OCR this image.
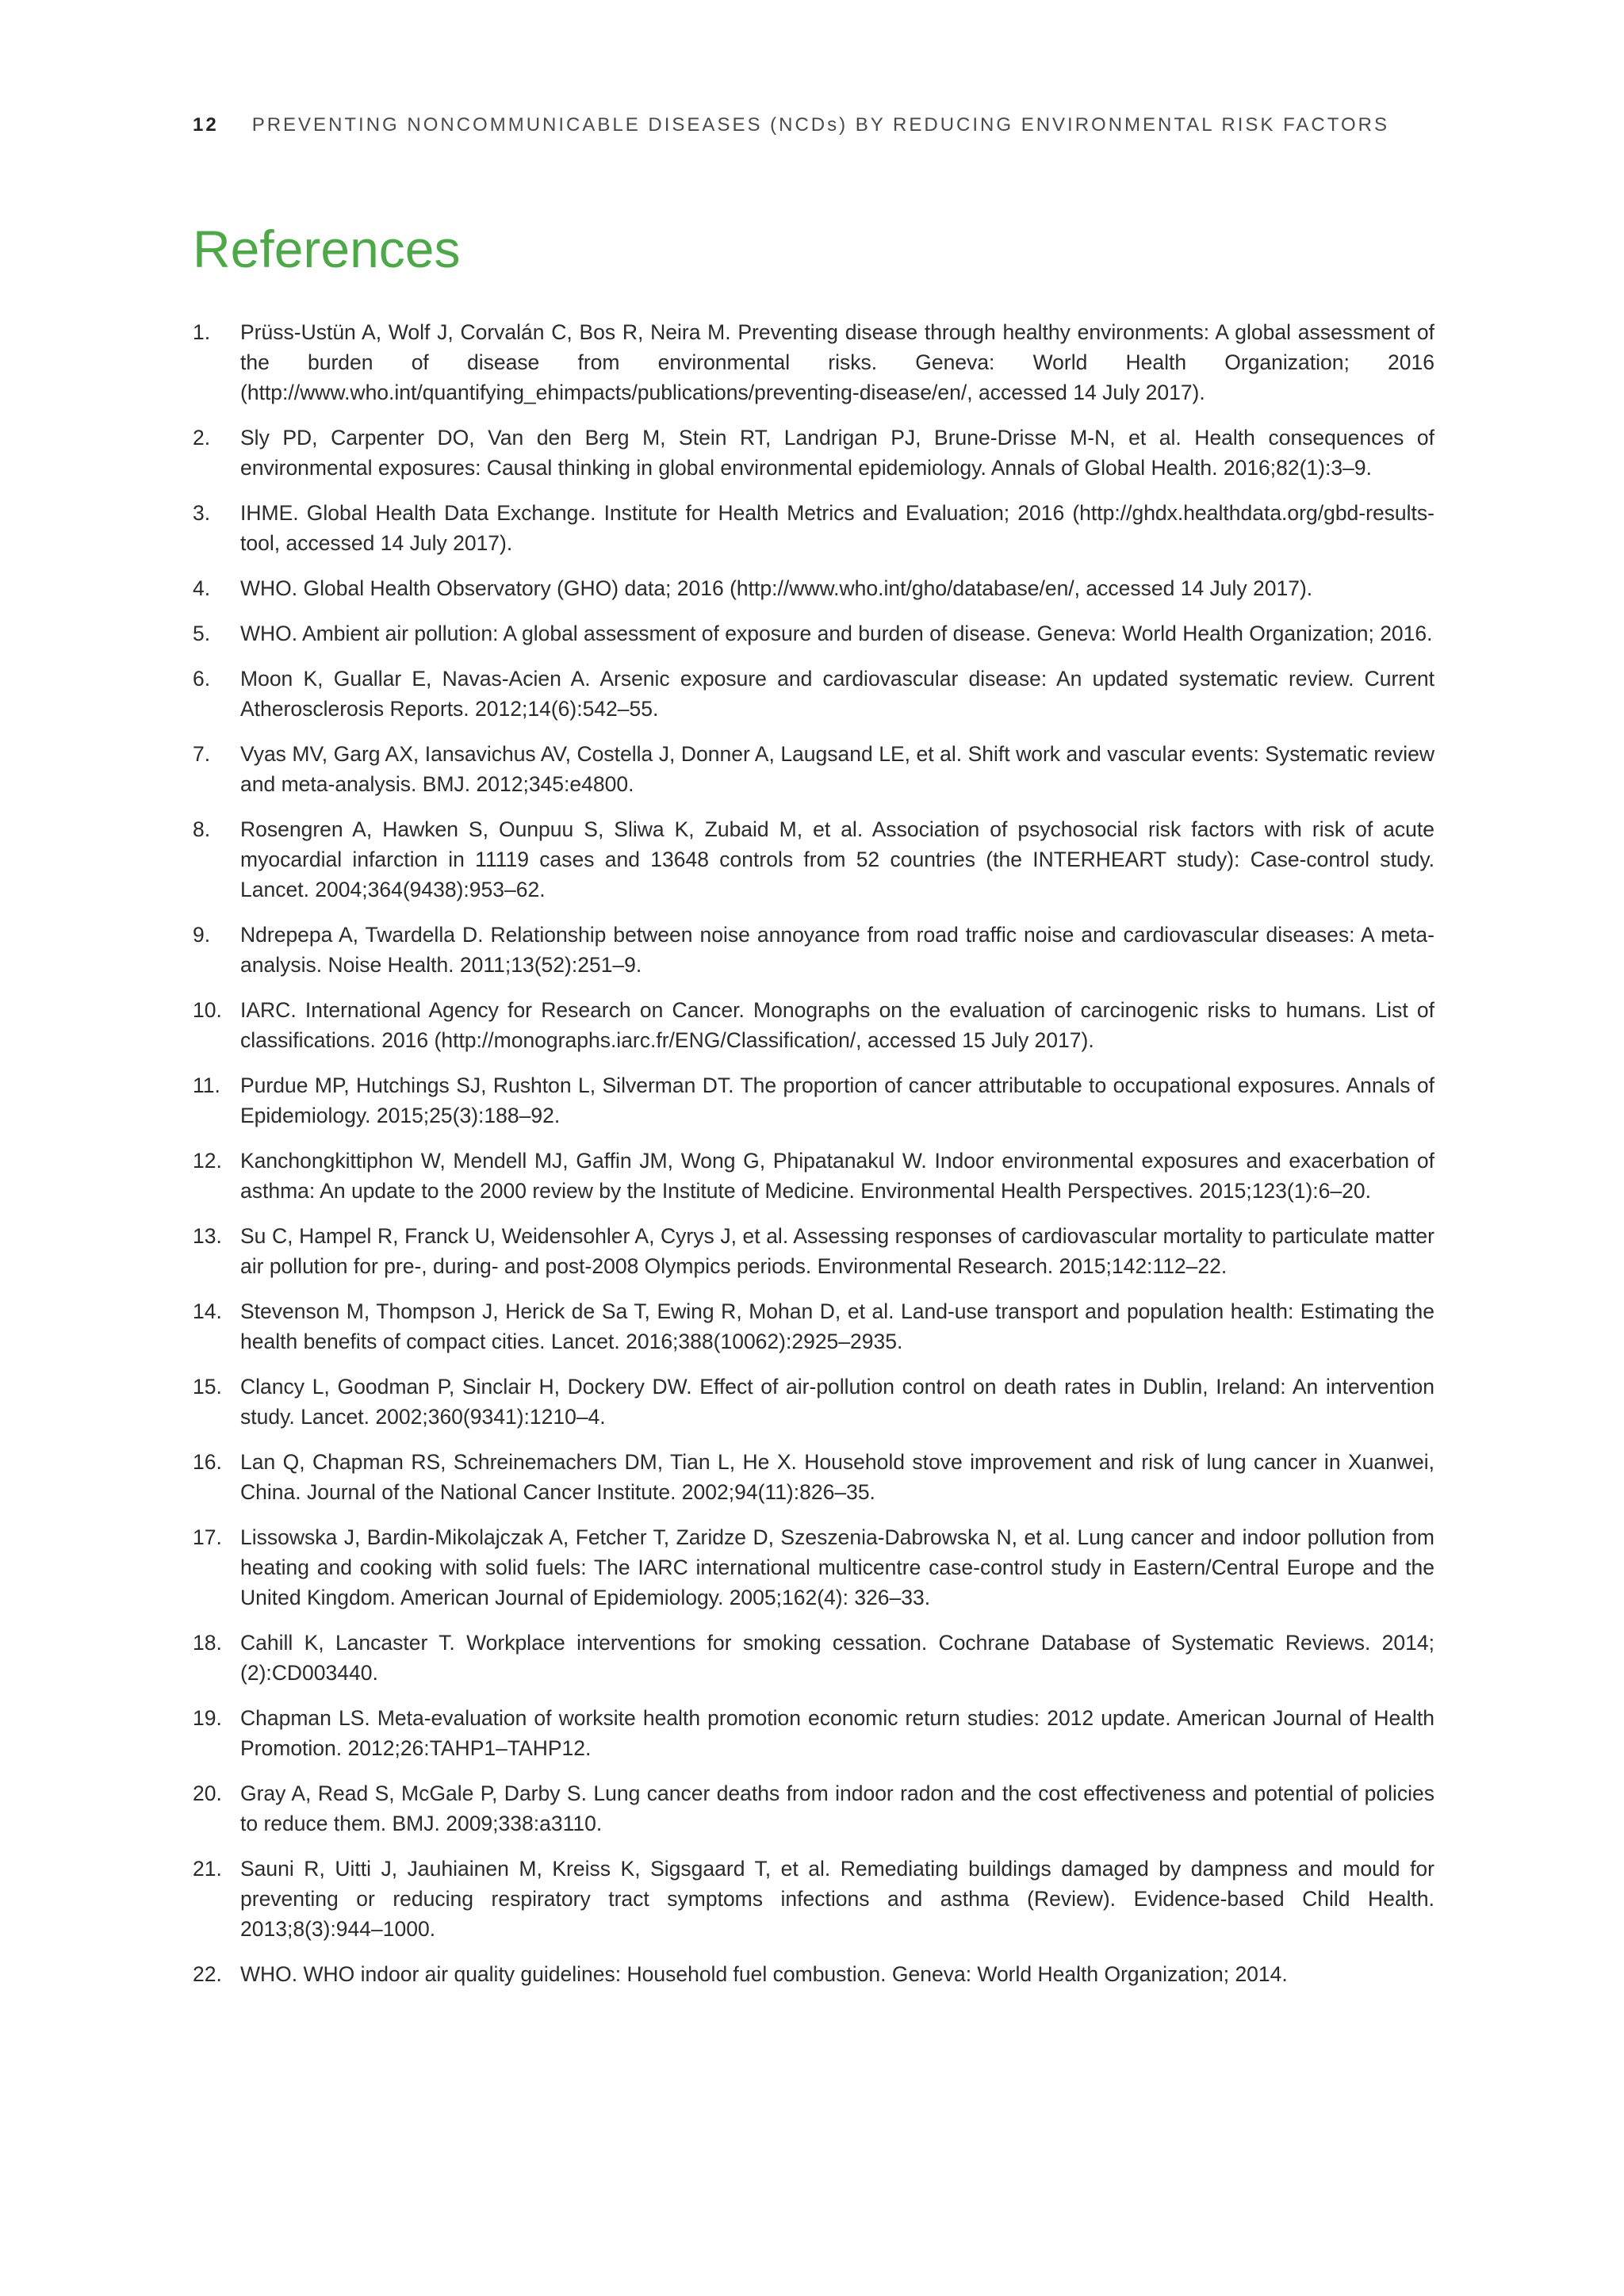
12 PREVENTING NONCOMMUNICABLE DISEASES (NCDs) BY REDUCING ENVIRONMENTAL RISK FACTORS
References
1.	Prüss-Ustün A, Wolf J, Corvalán C, Bos R, Neira M. Preventing disease through healthy environments: A global assessment of the burden of disease from environmental risks. Geneva: World Health Organization; 2016 (http://www.who.int/quantifying_ehimpacts/publications/preventing-disease/en/, accessed 14 July 2017).
2.	Sly PD, Carpenter DO, Van den Berg M, Stein RT, Landrigan PJ, Brune-Drisse M-N, et al. Health consequences of environmental exposures: Causal thinking in global environmental epidemiology. Annals of Global Health. 2016;82(1):3–9.
3.	IHME. Global Health Data Exchange. Institute for Health Metrics and Evaluation; 2016 (http://ghdx.healthdata.org/gbd-results-tool, accessed 14 July 2017).
4.	WHO. Global Health Observatory (GHO) data; 2016 (http://www.who.int/gho/database/en/, accessed 14 July 2017).
5.	WHO. Ambient air pollution: A global assessment of exposure and burden of disease. Geneva: World Health Organization; 2016.
6.	Moon K, Guallar E, Navas-Acien A. Arsenic exposure and cardiovascular disease: An updated systematic review. Current Atherosclerosis Reports. 2012;14(6):542–55.
7.	Vyas MV, Garg AX, Iansavichus AV, Costella J, Donner A, Laugsand LE, et al. Shift work and vascular events: Systematic review and meta-analysis. BMJ. 2012;345:e4800.
8.	Rosengren A, Hawken S, Ounpuu S, Sliwa K, Zubaid M, et al. Association of psychosocial risk factors with risk of acute myocardial infarction in 11119 cases and 13648 controls from 52 countries (the INTERHEART study): Case-control study. Lancet. 2004;364(9438):953–62.
9.	Ndrepepa A, Twardella D. Relationship between noise annoyance from road traffic noise and cardiovascular diseases: A meta-analysis. Noise Health. 2011;13(52):251–9.
10. IARC. International Agency for Research on Cancer. Monographs on the evaluation of carcinogenic risks to humans. List of classifications. 2016 (http://monographs.iarc.fr/ENG/Classification/, accessed 15 July 2017).
11. Purdue MP, Hutchings SJ, Rushton L, Silverman DT. The proportion of cancer attributable to occupational exposures. Annals of Epidemiology. 2015;25(3):188–92.
12. Kanchongkittiphon W, Mendell MJ, Gaffin JM, Wong G, Phipatanakul W. Indoor environmental exposures and exacerbation of asthma: An update to the 2000 review by the Institute of Medicine. Environmental Health Perspectives. 2015;123(1):6–20.
13. Su C, Hampel R, Franck U, Weidensohler A, Cyrys J, et al. Assessing responses of cardiovascular mortality to particulate matter air pollution for pre-, during- and post-2008 Olympics periods. Environmental Research. 2015;142:112–22.
14. Stevenson M, Thompson J, Herick de Sa T, Ewing R, Mohan D, et al. Land-use transport and population health: Estimating the health benefits of compact cities. Lancet. 2016;388(10062):2925–2935.
15. Clancy L, Goodman P, Sinclair H, Dockery DW. Effect of air-pollution control on death rates in Dublin, Ireland: An intervention study. Lancet. 2002;360(9341):1210–4.
16. Lan Q, Chapman RS, Schreinemachers DM, Tian L, He X. Household stove improvement and risk of lung cancer in Xuanwei, China. Journal of the National Cancer Institute. 2002;94(11):826–35.
17. Lissowska J, Bardin-Mikolajczak A, Fetcher T, Zaridze D, Szeszenia-Dabrowska N, et al. Lung cancer and indoor pollution from heating and cooking with solid fuels: The IARC international multicentre case-control study in Eastern/Central Europe and the United Kingdom. American Journal of Epidemiology. 2005;162(4): 326–33.
18. Cahill K, Lancaster T. Workplace interventions for smoking cessation. Cochrane Database of Systematic Reviews. 2014;(2):CD003440.
19. Chapman LS. Meta-evaluation of worksite health promotion economic return studies: 2012 update. American Journal of Health Promotion. 2012;26:TAHP1–TAHP12.
20. Gray A, Read S, McGale P, Darby S. Lung cancer deaths from indoor radon and the cost effectiveness and potential of policies to reduce them. BMJ. 2009;338:a3110.
21. Sauni R, Uitti J, Jauhiainen M, Kreiss K, Sigsgaard T, et al. Remediating buildings damaged by dampness and mould for preventing or reducing respiratory tract symptoms infections and asthma (Review). Evidence-based Child Health. 2013;8(3):944–1000.
22. WHO. WHO indoor air quality guidelines: Household fuel combustion. Geneva: World Health Organization; 2014.
